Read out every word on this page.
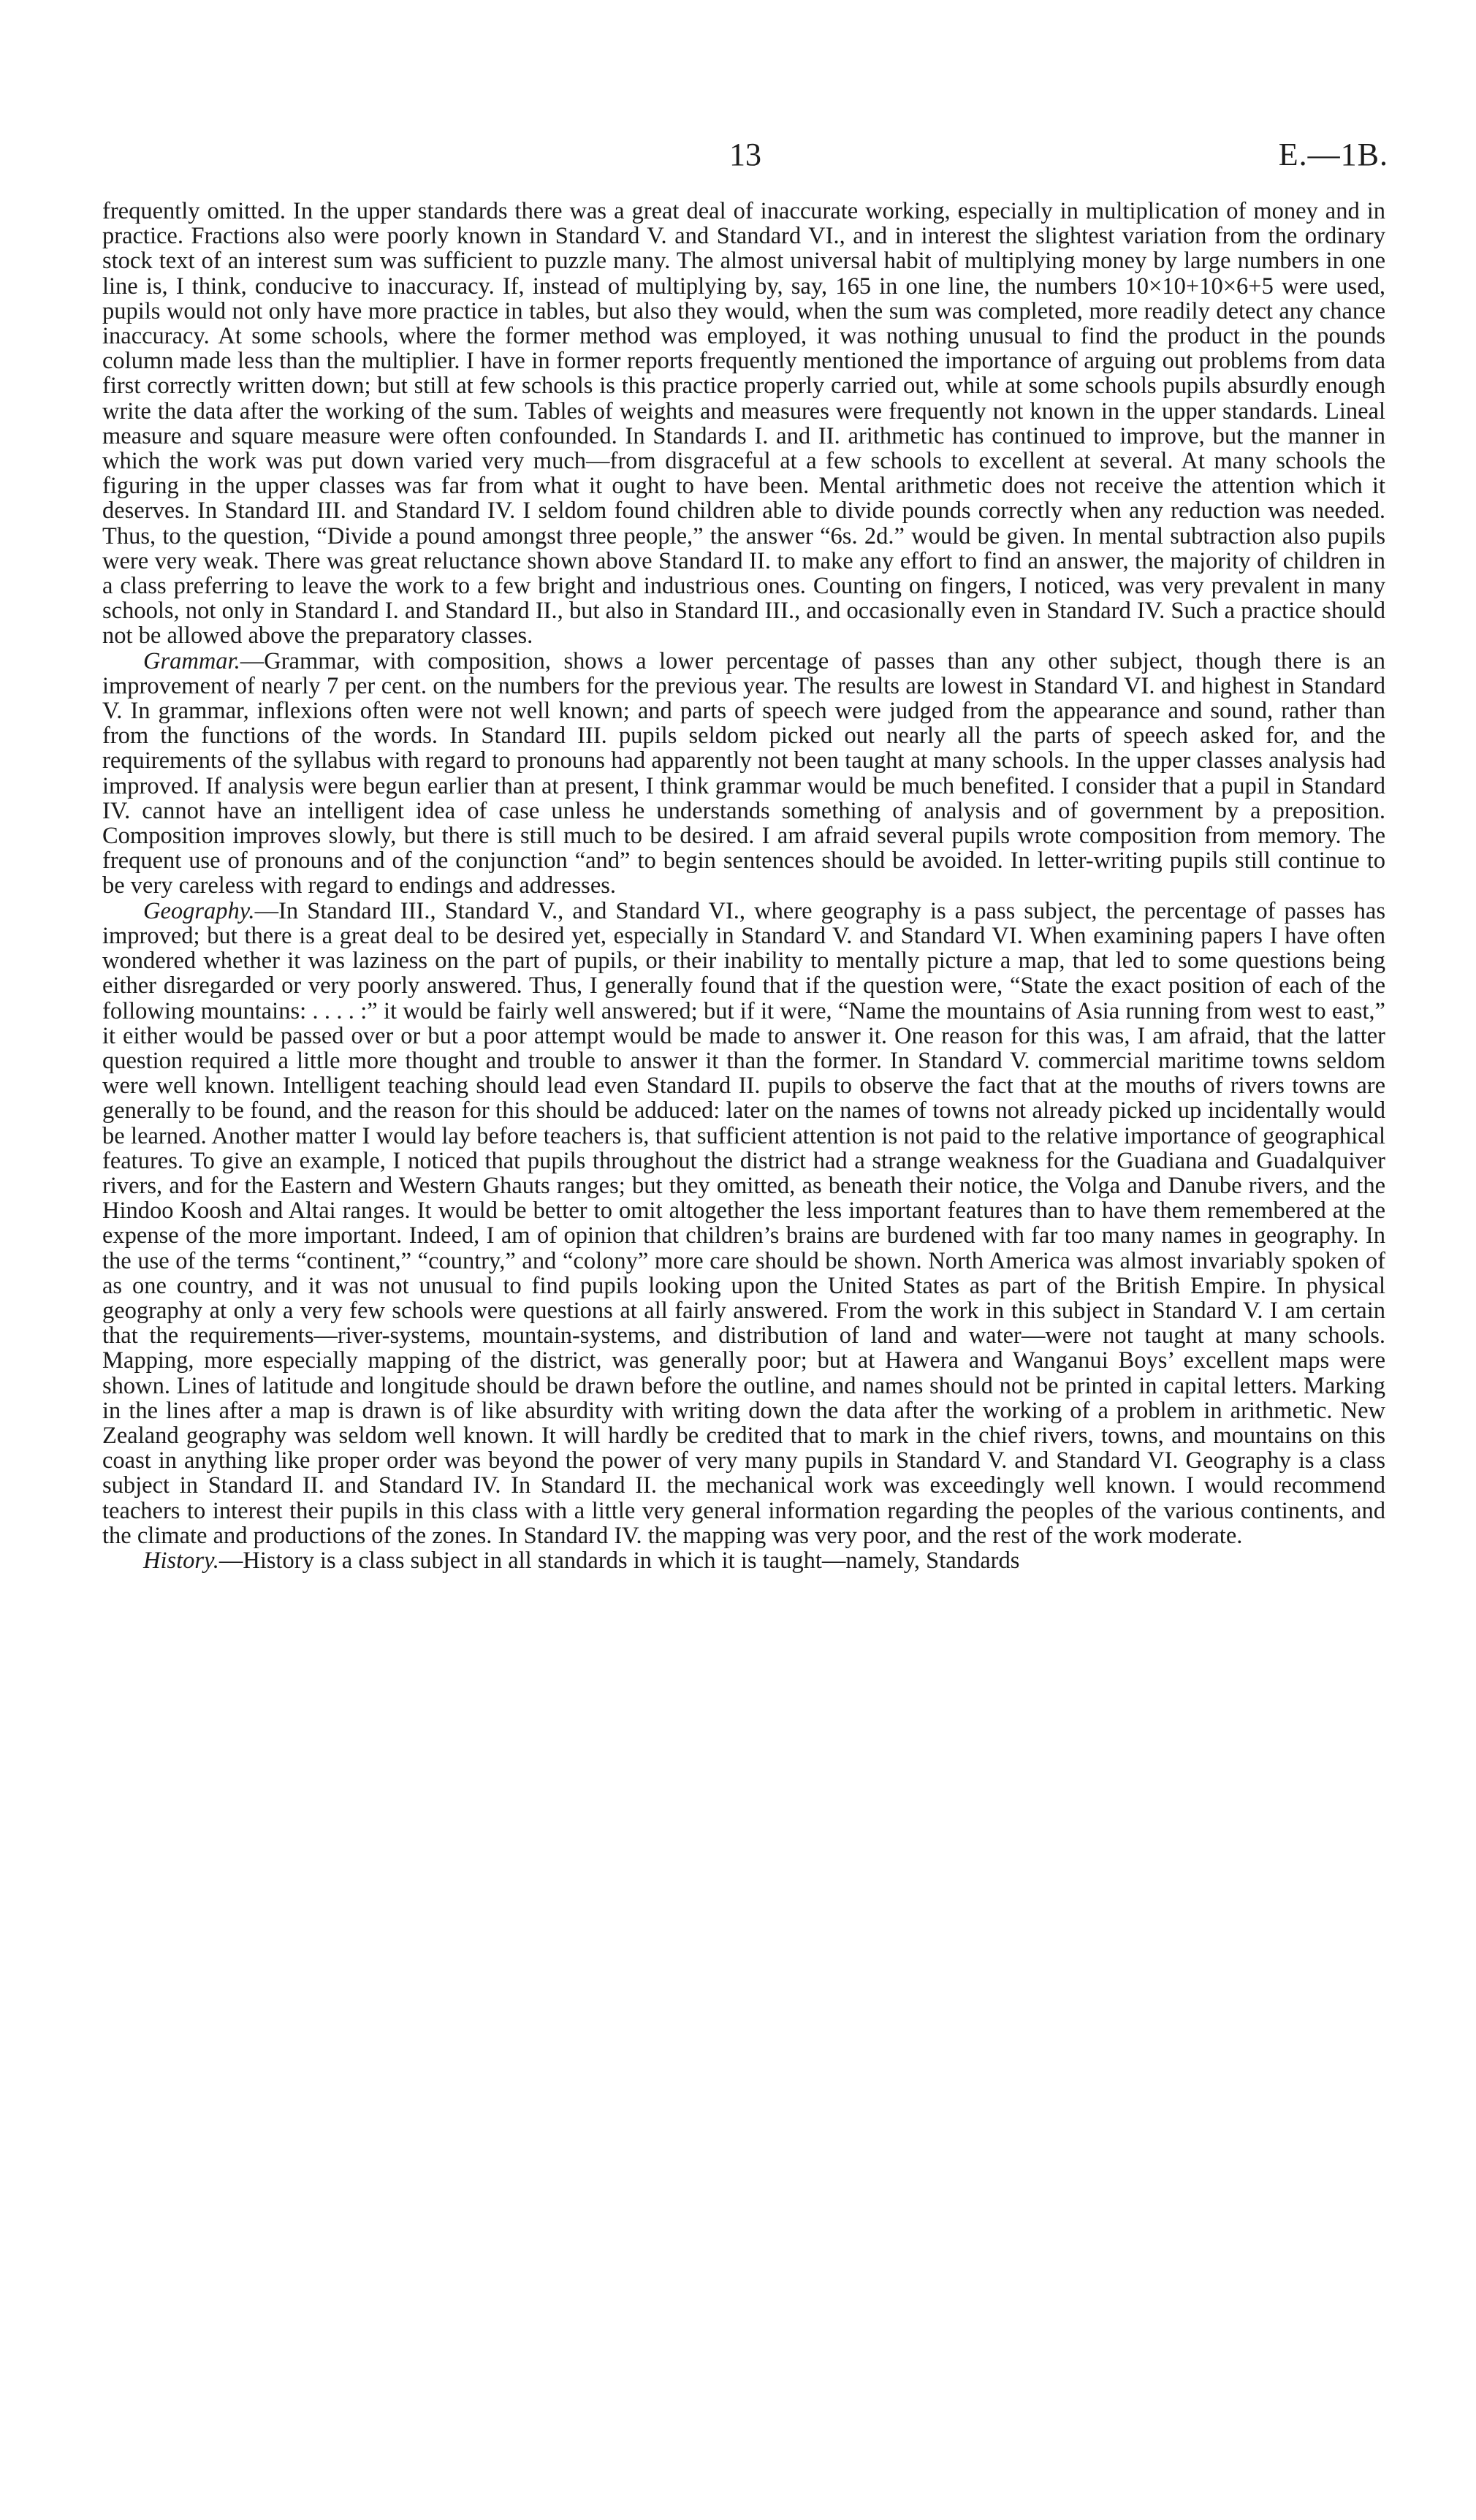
13	E.—1B.

frequently omitted. In the upper standards there was a great deal of inaccurate working, especially in multiplication of money and in practice. Fractions also were poorly known in Standard V. and Standard VI., and in interest the slightest variation from the ordinary stock text of an interest sum was sufficient to puzzle many. The almost universal habit of multiplying money by large numbers in one line is, I think, conducive to inaccuracy. If, instead of multiplying by, say, 165 in one line, the numbers 10×10+10×6+5 were used, pupils would not only have more practice in tables, but also they would, when the sum was completed, more readily detect any chance inaccuracy. At some schools, where the former method was employed, it was nothing unusual to find the product in the pounds column made less than the multiplier. I have in former reports frequently mentioned the importance of arguing out problems from data first correctly written down; but still at few schools is this practice properly carried out, while at some schools pupils absurdly enough write the data after the working of the sum. Tables of weights and measures were frequently not known in the upper standards. Lineal measure and square measure were often confounded. In Standards I. and II. arithmetic has continued to improve, but the manner in which the work was put down varied very much—from disgraceful at a few schools to excellent at several. At many schools the figuring in the upper classes was far from what it ought to have been. Mental arithmetic does not receive the attention which it deserves. In Standard III. and Standard IV. I seldom found children able to divide pounds correctly when any reduction was needed. Thus, to the question, “Divide a pound amongst three people,” the answer “6s. 2d.” would be given. In mental subtraction also pupils were very weak. There was great reluctance shown above Standard II. to make any effort to find an answer, the majority of children in a class preferring to leave the work to a few bright and industrious ones. Counting on fingers, I noticed, was very prevalent in many schools, not only in Standard I. and Standard II., but also in Standard III., and occasionally even in Standard IV. Such a practice should not be allowed above the preparatory classes.

Grammar.—Grammar, with composition, shows a lower percentage of passes than any other subject, though there is an improvement of nearly 7 per cent. on the numbers for the previous year. The results are lowest in Standard VI. and highest in Standard V. In grammar, inflexions often were not well known; and parts of speech were judged from the appearance and sound, rather than from the functions of the words. In Standard III. pupils seldom picked out nearly all the parts of speech asked for, and the requirements of the syllabus with regard to pronouns had apparently not been taught at many schools. In the upper classes analysis had improved. If analysis were begun earlier than at present, I think grammar would be much benefited. I consider that a pupil in Standard IV. cannot have an intelligent idea of case unless he understands something of analysis and of government by a preposition. Composition improves slowly, but there is still much to be desired. I am afraid several pupils wrote composition from memory. The frequent use of pronouns and of the conjunction “and” to begin sentences should be avoided. In letter-writing pupils still continue to be very careless with regard to endings and addresses.

Geography.—In Standard III., Standard V., and Standard VI., where geography is a pass subject, the percentage of passes has improved; but there is a great deal to be desired yet, especially in Standard V. and Standard VI. When examining papers I have often wondered whether it was laziness on the part of pupils, or their inability to mentally picture a map, that led to some questions being either disregarded or very poorly answered. Thus, I generally found that if the question were, “State the exact position of each of the following mountains: . . . . :” it would be fairly well answered; but if it were, “Name the mountains of Asia running from west to east,” it either would be passed over or but a poor attempt would be made to answer it. One reason for this was, I am afraid, that the latter question required a little more thought and trouble to answer it than the former. In Standard V. commercial maritime towns seldom were well known. Intelligent teaching should lead even Standard II. pupils to observe the fact that at the mouths of rivers towns are generally to be found, and the reason for this should be adduced: later on the names of towns not already picked up incidentally would be learned. Another matter I would lay before teachers is, that sufficient attention is not paid to the relative importance of geographical features. To give an example, I noticed that pupils throughout the district had a strange weakness for the Guadiana and Guadalquiver rivers, and for the Eastern and Western Ghauts ranges; but they omitted, as beneath their notice, the Volga and Danube rivers, and the Hindoo Koosh and Altai ranges. It would be better to omit altogether the less important features than to have them remembered at the expense of the more important. Indeed, I am of opinion that children’s brains are burdened with far too many names in geography. In the use of the terms “continent,” “country,” and “colony” more care should be shown. North America was almost invariably spoken of as one country, and it was not unusual to find pupils looking upon the United States as part of the British Empire. In physical geography at only a very few schools were questions at all fairly answered. From the work in this subject in Standard V. I am certain that the requirements—river-systems, mountain-systems, and distribution of land and water—were not taught at many schools. Mapping, more especially mapping of the district, was generally poor; but at Hawera and Wanganui Boys’ excellent maps were shown. Lines of latitude and longitude should be drawn before the outline, and names should not be printed in capital letters. Marking in the lines after a map is drawn is of like absurdity with writing down the data after the working of a problem in arithmetic. New Zealand geography was seldom well known. It will hardly be credited that to mark in the chief rivers, towns, and mountains on this coast in anything like proper order was beyond the power of very many pupils in Standard V. and Standard VI. Geography is a class subject in Standard II. and Standard IV. In Standard II. the mechanical work was exceedingly well known. I would recommend teachers to interest their pupils in this class with a little very general information regarding the peoples of the various continents, and the climate and productions of the zones. In Standard IV. the mapping was very poor, and the rest of the work moderate.

History.—History is a class subject in all standards in which it is taught—namely, Standards
